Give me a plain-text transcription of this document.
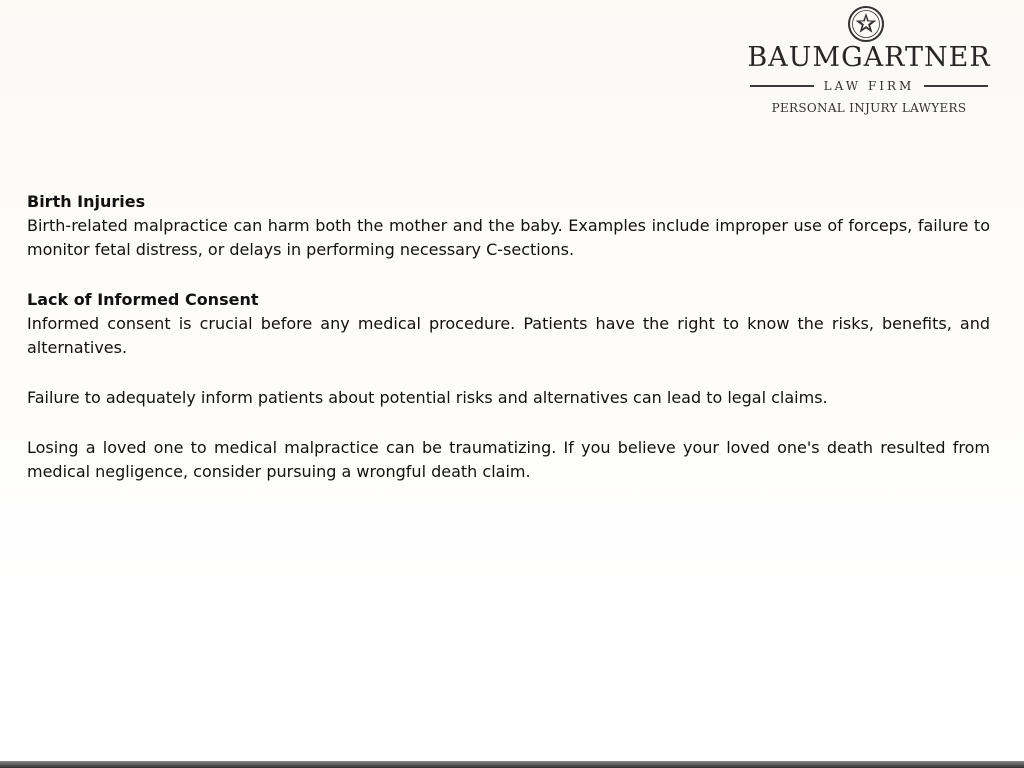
BAUMGARTNER
LAW FIRM
PERSONAL INJURY LAWYERS
Birth Injuries

Birth-related malpractice can harm both the mother and the baby. Examples include improper use of forceps, failure to monitor fetal distress, or delays in performing necessary C-sections.

Lack of Informed Consent

Informed consent is crucial before any medical procedure. Patients have the right to know the risks, benefits, and alternatives.

Failure to adequately inform patients about potential risks and alternatives can lead to legal claims.

Losing a loved one to medical malpractice can be traumatizing. If you believe your loved one's death resulted from medical negligence, consider pursuing a wrongful death claim.
